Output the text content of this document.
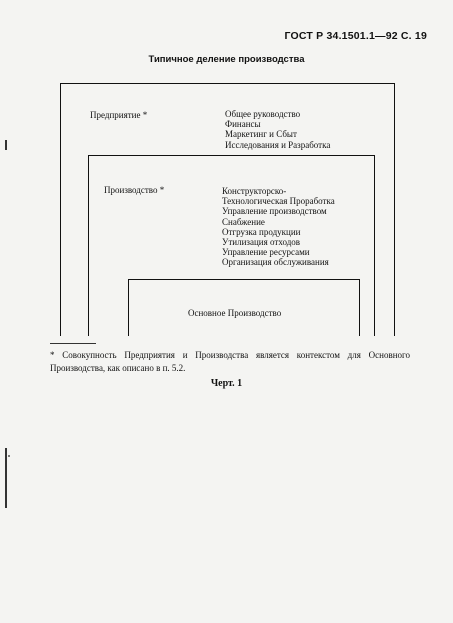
ГОСТ Р 34.1501.1—92 С. 19
Типичное деление производства
Предприятие *	Общее руководство
Финансы
Маркетинг и Сбыт
Исследования и Разработка
Производство *	Конструкторско-
Технологическая Проработка
Управление производством
Снабжение
Отгрузка продукции
Утилизация отходов
Управление ресурсами
Организация обслуживания
Основное Производство
* Совокупность Предприятия и Производства является контекстом для Основного Производства, как описано в п. 5.2.
Черт. 1
